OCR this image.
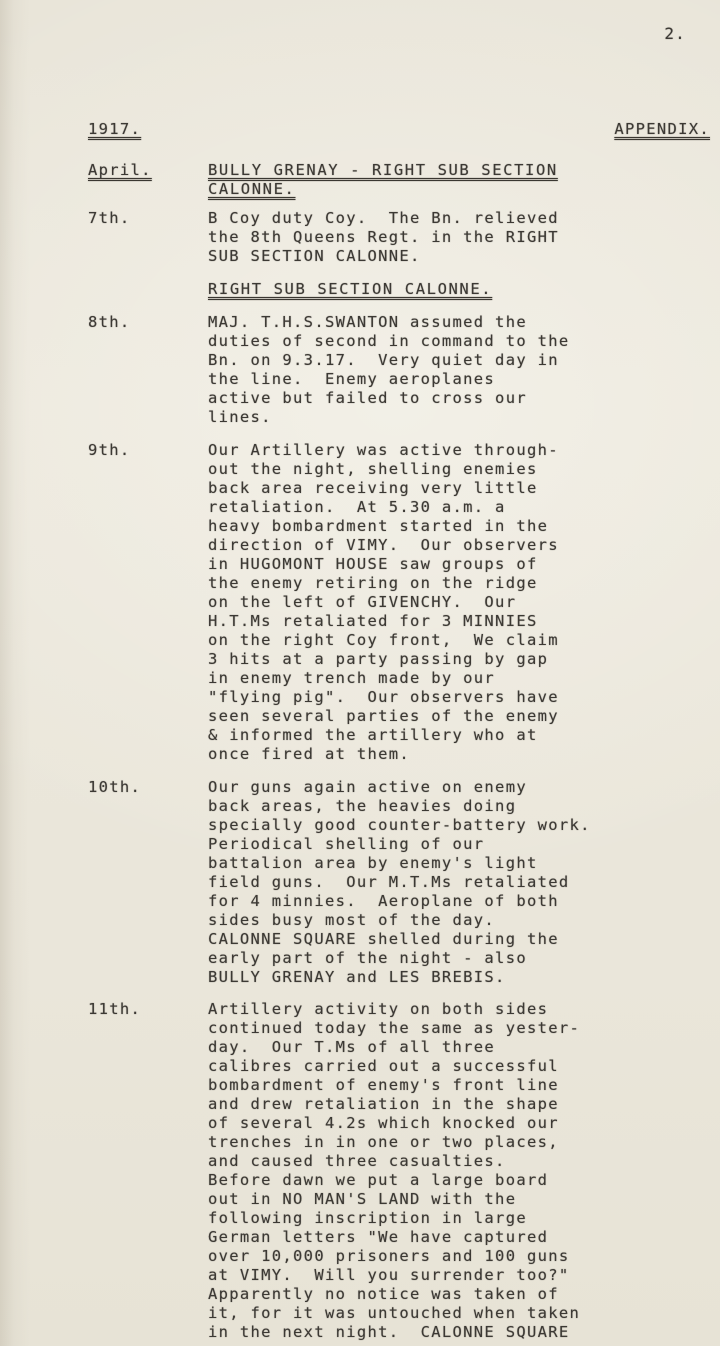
2.
1917.	APPENDIX.
April.	BULLY GRENAY - RIGHT SUB SECTION
CALONNE.
7th.	B Coy duty Coy.  The Bn. relieved
the 8th Queens Regt. in the RIGHT
SUB SECTION CALONNE.
RIGHT SUB SECTION CALONNE.
8th.	MAJ. T.H.S.SWANTON assumed the
duties of second in command to the
Bn. on 9.3.17.  Very quiet day in
the line.  Enemy aeroplanes
active but failed to cross our
lines.
9th.	Our Artillery was active through-
out the night, shelling enemies
back area receiving very little
retaliation.  At 5.30 a.m. a
heavy bombardment started in the
direction of VIMY.  Our observers
in HUGOMONT HOUSE saw groups of
the enemy retiring on the ridge
on the left of GIVENCHY.  Our
H.T.Ms retaliated for 3 MINNIES
on the right Coy front,  We claim
3 hits at a party passing by gap
in enemy trench made by our
"flying pig".  Our observers have
seen several parties of the enemy
& informed the artillery who at
once fired at them.
10th.	Our guns again active on enemy
back areas, the heavies doing
specially good counter-battery work.
Periodical shelling of our
battalion area by enemy's light
field guns.  Our M.T.Ms retaliated
for 4 minnies.  Aeroplane of both
sides busy most of the day.
CALONNE SQUARE shelled during the
early part of the night - also
BULLY GRENAY and LES BREBIS.
11th.	Artillery activity on both sides
continued today the same as yester-
day.  Our T.Ms of all three
calibres carried out a successful
bombardment of enemy's front line
and drew retaliation in the shape
of several 4.2s which knocked our
trenches in in one or two places,
and caused three casualties.
Before dawn we put a large board
out in NO MAN'S LAND with the
following inscription in large
German letters "We have captured
over 10,000 prisoners and 100 guns
at VIMY.  Will you surrender too?"
Apparently no notice was taken of
it, for it was untouched when taken
in the next night.  CALONNE SQUARE
